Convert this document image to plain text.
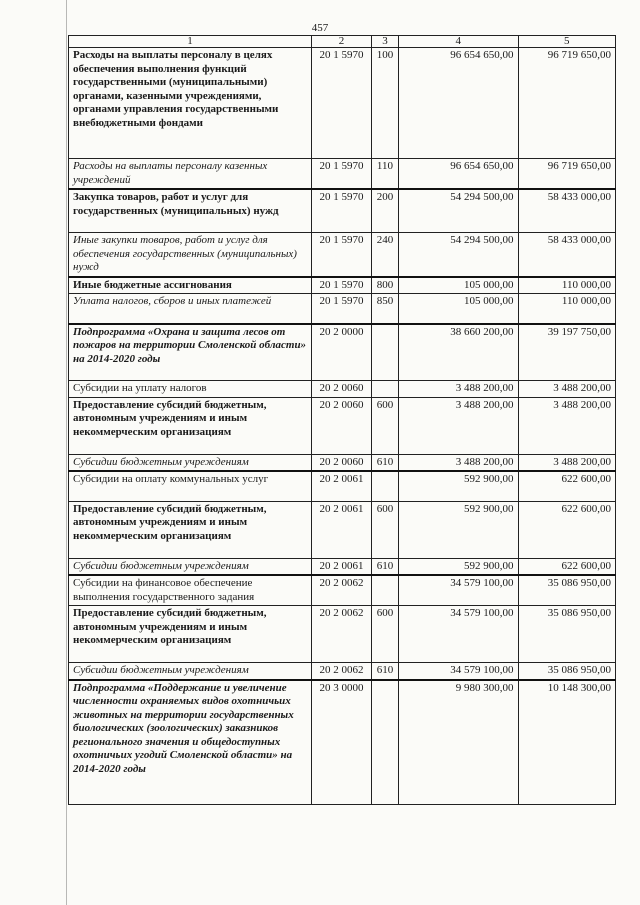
457
1	2	3	4	5
Расходы на выплаты персоналу в целях обеспечения выполнения функций государственными (муниципальными) органами, казенными учреждениями, органами управления государственными внебюджетными фондами	20 1 5970	100	96 654 650,00	96 719 650,00
Расходы на выплаты персоналу казенных учреждений	20 1 5970	110	96 654 650,00	96 719 650,00
Закупка товаров, работ и услуг для государственных (муниципальных) нужд	20 1 5970	200	54 294 500,00	58 433 000,00
Иные закупки товаров, работ и услуг для обеспечения государственных (муниципальных) нужд	20 1 5970	240	54 294 500,00	58 433 000,00
Иные бюджетные ассигнования	20 1 5970	800	105 000,00	110 000,00
Уплата налогов, сборов и иных платежей	20 1 5970	850	105 000,00	110 000,00
Подпрограмма «Охрана и защита лесов от пожаров на территории Смоленской области» на 2014-2020 годы	20 2 0000		38 660 200,00	39 197 750,00
Субсидии на уплату налогов	20 2 0060		3 488 200,00	3 488 200,00
Предоставление субсидий бюджетным, автономным учреждениям и иным некоммерческим организациям	20 2 0060	600	3 488 200,00	3 488 200,00
Субсидии бюджетным учреждениям	20 2 0060	610	3 488 200,00	3 488 200,00
Субсидии на оплату коммунальных услуг	20 2 0061		592 900,00	622 600,00
Предоставление субсидий бюджетным, автономным учреждениям и иным некоммерческим организациям	20 2 0061	600	592 900,00	622 600,00
Субсидии бюджетным учреждениям	20 2 0061	610	592 900,00	622 600,00
Субсидии на финансовое обеспечение выполнения государственного задания	20 2 0062		34 579 100,00	35 086 950,00
Предоставление субсидий бюджетным, автономным учреждениям и иным некоммерческим организациям	20 2 0062	600	34 579 100,00	35 086 950,00
Субсидии бюджетным учреждениям	20 2 0062	610	34 579 100,00	35 086 950,00
Подпрограмма «Поддержание и увеличение численности охраняемых видов охотничьих животных на территории государственных биологических (зоологических) заказников регионального значения и общедоступных охотничьих угодий Смоленской области» на 2014-2020 годы	20 3 0000		9 980 300,00	10 148 300,00
